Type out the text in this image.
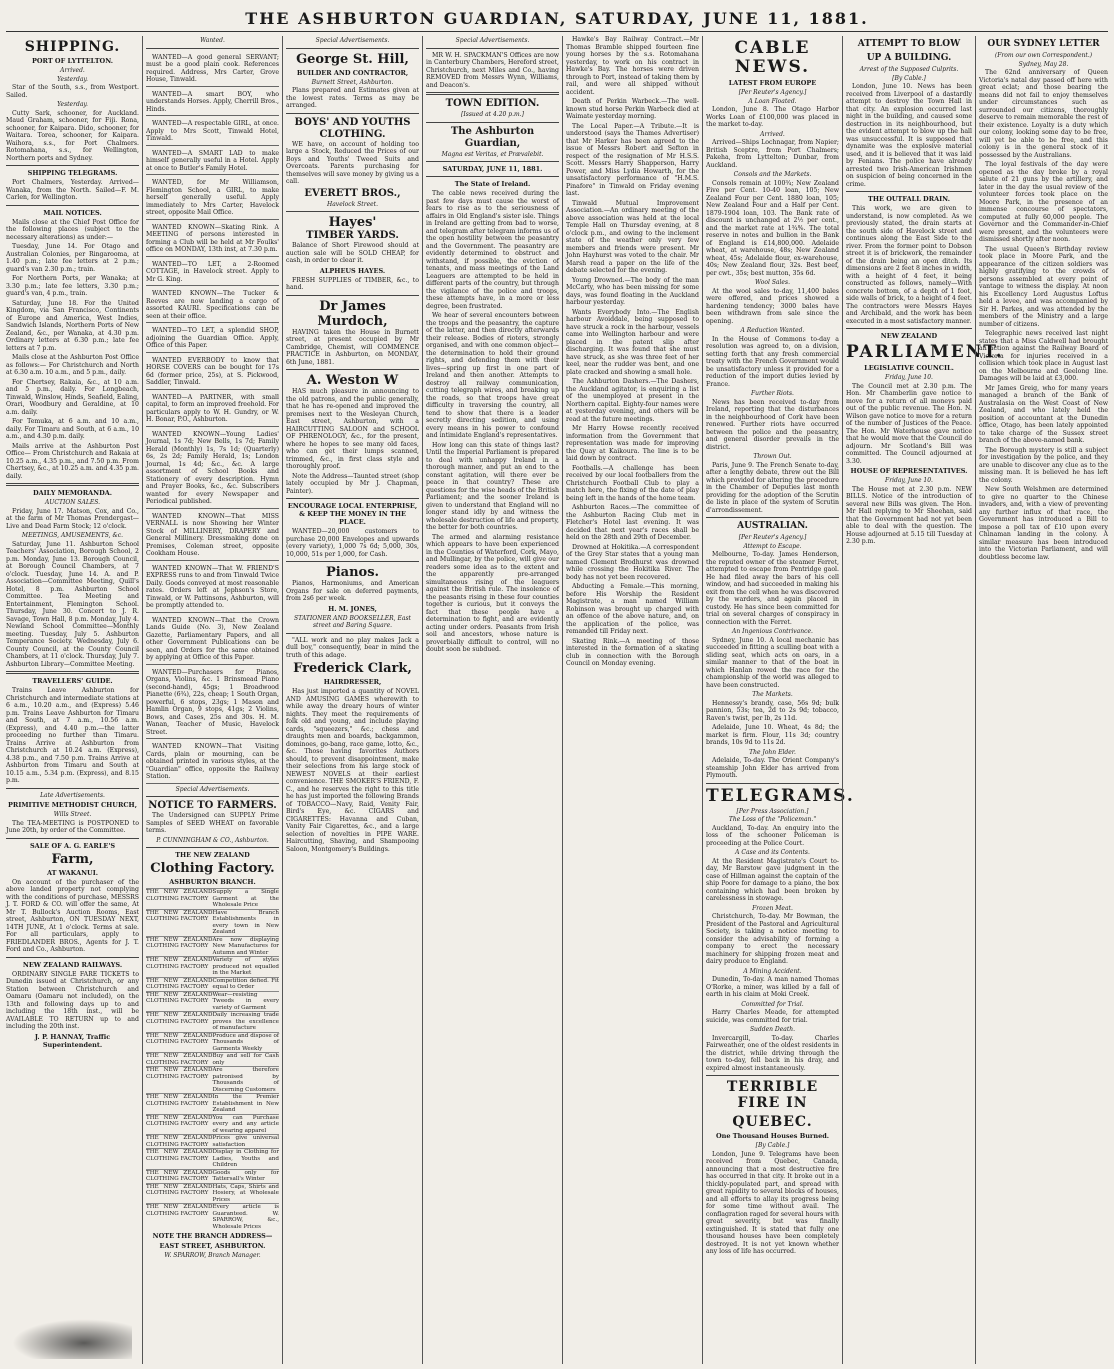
THE ASHBURTON GUARDIAN, SATURDAY, JUNE 11, 1881.
SHIPPING.
PORT OF LYTTELTON.
Arrived.
Yesterday.

Star of the South, s.s., from Westport. Sailed.

Yesterday.

Cutty Sark, schooner, for Auckland. Maud Graham, schooner, for Fiji. Rona, schooner, for Kaipara. Dido, schooner, for Waitara. Torea, schooner, for Kaipara. Waihora, s.s., for Port Chalmers. Rotomahana, s.s., for Wellington, Northern ports and Sydney.

SHIPPING TELEGRAMS.

Port Chalmers, Yesterday. Arrived—Wanaka, from the North. Sailed—F. M. Carlen, for Wellington.

MAIL NOTICES.

Mails close at the Chief Post Office for the following places (subject to the necessary alterations) as under:—

Tuesday, June 14. For Otago and Australian Colonies, per Ringarooma, at 1.40 p.m.; late fee letters at 2 p.m.; guard's van 2.30 p.m.; train.

For Northern Ports, per Wanaka; at 3.30 p.m.; late fee letters, 3.30 p.m.; guard's van, 4 p.m., train.

Saturday, June 18. For the United Kingdom, via San Francisco, Continents of Europe and America, West Indies, Sandwich Islands, Northern Ports of New Zealand, &c., per Wanaka, at 4.30 p.m. Ordinary letters at 6.30 p.m.; late fee letters at 7 p.m.

Mails close at the Ashburton Post Office as follows:— For Christchurch and North at 6.30 a.m. 10 a.m., and 5 p.m., daily.

For Chertsey, Rakaia, &c., at 10 a.m. and 5 p.m., daily. For Longbeach, Tinwald, Winslow, Hinds, Seafield, Ealing, Orari, Woodbury and Geraldine, at 10 a.m. daily.

For Temuka, at 6 a.m. and 10 a.m., daily. For Timaru and South, at 6 a.m., 10 a.m., and 4.30 p.m. daily.

Mails arrive at the Ashburton Post Office— From Christchurch and Rakaia at 10.25 a.m., 4.35 p.m., and 7.50 p.m. From Chertsey, &c., at 10.25 a.m. and 4.35 p.m. daily.

DAILY MEMORANDA.
AUCTION SALES.

Friday, June 17. Matson, Cox, and Co., at the farm of Mr Thomas Prendergast—Live and Dead Farm Stock; 12 o'clock.

MEETINGS, AMUSEMENTS, &c.

Saturday, June 11. Ashburton School Teachers' Association, Borough School, 2 p.m. Monday, June 13. Borough Council, at Borough Council Chambers, at 7 o'clock. Tuesday, June 14. A. and P. Association—Committee Meeting, Quill's Hotel, 8 p.m. Ashburton School Committee. Tea Meeting and Entertainment, Flemington School. Thursday, June 30. Concert to J. R. Savage, Town Hall, 8 p.m. Monday, July 4. Newland School Committee—Monthly meeting. Tuesday, July 5. Ashburton Temperance Society. Wednesday, July 6. County Council, at the County Council Chambers, at 11 o'clock. Thursday, July 7. Ashburton Library—Committee Meeting.

TRAVELLERS' GUIDE.

Trains Leave Ashburton for Christchurch and intermediate stations at 6 a.m., 10.20 a.m., and (Express) 5.46 p.m. Trains Leave Ashburton for Timaru and South, at 7 a.m., 10.56 a.m. (Express), and 4.40 p.m.—the latter proceeding no further than Timaru. Trains Arrive at Ashburton from Christchurch at 10.24 a.m. (Express), 4.38 p.m., and 7.50 p.m. Trains Arrive at Ashburton from Timaru and South at 10.15 a.m., 5.34 p.m. (Express), and 8.15 p.m.

Late Advertisements.
PRIMITIVE METHODIST CHURCH,
Wills Street.

The TEA-MEETING is POSTPONED to June 20th, by order of the Committee.

SALE OF A. G. EARLE'S
Farm,
AT WAKANUI.

On account of the purchaser of the above landed property not complying with the conditions of purchase, MESSRS J. T. FORD & CO. will offer the same, At Mr T. Bullock's Auction Rooms, East street, Ashburton, ON TUESDAY NEXT, 14TH JUNE, At 1 o'clock. Terms at sale. For all particulars, apply to FRIEDLANDER BROS., Agents for J. T. Ford and Co., Ashburton.

NEW ZEALAND RAILWAYS.

ORDINARY SINGLE FARE TICKETS to Dunedin issued at Christchurch, or any Station between Christchurch and Oamaru (Oamaru not included), on the 13th and following days up to and including the 18th inst., will be AVAILABLE TO RETURN up to and including the 20th inst.

J. P. HANNAY, Traffic Superintendent.
Wanted.

WANTED—A good general SERVANT; must be a good plain cook. References required. Address, Mrs Carter, Grove House, Tinwald.

WANTED—A smart BOY, who understands Horses. Apply, Cherrill Bros., Hinds.

WANTED—A respectable GIRL, at once. Apply to Mrs Scott, Tinwald Hotel, Tinwald.

WANTED—A SMART LAD to make himself generally useful in a Hotel. Apply at once to Butler's Family Hotel.

WANTED, for Mr Williamson, Flemington School, a GIRL, to make herself generally useful. Apply immediately to Mrs Carter, Havelock street, opposite Mail Office.

WANTED KNOWN—Skating Rink. A MEETING of persons interested in forming a Club will be held at Mr Foulks' office on MONDAY, 13th inst, at 7.30 p.m.

WANTED—TO LET, a 2-Roomed COTTAGE, in Havelock street. Apply to Mr G. King.

WANTED KNOWN—The Tucker & Reeves are now landing a cargo of assorted KAURI. Specifications can be seen at their office.

WANTED—TO LET, a splendid SHOP, adjoining the Guardian Office. Apply, Office of this Paper.

WANTED EVERBODY to know that HORSE COVERS can be bought for 17s 6d (former price, 25s), at S. Pickwood, Saddler, Tinwald.

WANTED—A PARTNER, with small capital, to form an improved freehold. For particulars apply to W. H. Gundry, or W. H. Bonar, P.O., Ashburton.

WANTED KNOWN—Young Ladies' Journal, 1s 7d; New Bells, 1s 7d; Family Herald (Monthly) 1s, 7s 1d; (Quarterly) 6s, 2s 2d; Family Herald, 1s; London Journal, 1s 4d; &c., &c. A large assortment of School Books and Stationery of every description. Hymn and Prayer Books, &c., &c. Subscribers wanted for every Newspaper and Periodical published.

WANTED KNOWN—That MISS VERNALL is now Showing her Winter Stock of MILLINERY, DRAPERY and General Millinery. Dressmaking done on Premises, Coleman street, opposite Cookham House.

WANTED KNOWN—That W. FRIEND'S EXPRESS runs to and from Tinwald Twice Daily. Goods conveyed at most reasonable rates. Orders left at Jephson's Store, Tinwald, or W. Pattinsons, Ashburton, will be promptly attended to.

WANTED KNOWN—That the Crown Lands Guide (No. 3), New Zealand Gazette, Parliamentary Papers, and all other Government Publications can be seen, and Orders for the same obtained by applying at Office of this Paper.

WANTED—Purchasers for Pianos, Organs, Violins, &c. 1 Brinsmead Piano (second-hand), 45gs; 1 Broadwood Pianette (6¾), 22s, cheap; 1 South Organ, powerful, 6 stops, 23gs; 1 Mason and Hamlin Organ, 9 stops, 41gs; 2 Violins, Bows, and Cases, 25s and 30s. H. M. Wanan, Teacher of Music, Havelock Street.

WANTED KNOWN—That Visiting Cards, plain or mourning, can be obtained printed in various styles, at the "Guardian" office, opposite the Railway Station.

Special Advertisements.
NOTICE TO FARMERS.

The Undersigned can SUPPLY Prime Samples of SEED WHEAT on favorable terms.

P. CUNNINGHAM & CO., Ashburton.
THE NEW ZEALAND
Clothing Factory.
ASHBURTON BRANCH.
THE NEW ZEALAND CLOTHING FACTORY
Supply a Single Garment at the Wholesale Price
THE NEW ZEALAND CLOTHING FACTORY
Have Branch Establishments in every town in New Zealand
THE NEW ZEALAND CLOTHING FACTORY
Are now displaying New Manufactures for Autumn and Winter
THE NEW ZEALAND CLOTHING FACTORY
Variety of styles produced not equalled in the Market
THE NEW ZEALAND CLOTHING FACTORY
Competition defied. Fit equal to Order
THE NEW ZEALAND CLOTHING FACTORY
Wear—resisting Tweeds in every variety of Garment
THE NEW ZEALAND CLOTHING FACTORY
Daily increasing trade proves the excellence of manufacture
THE NEW ZEALAND CLOTHING FACTORY
Produce and dispose of Thousands of Garments Weekly
THE NEW ZEALAND CLOTHING FACTORY
Buy and sell for Cash only
THE NEW ZEALAND CLOTHING FACTORY
Are therefore patronised by Thousands of Discerning Customers
THE NEW ZEALAND CLOTHING FACTORY
In the Premier Establishment in New Zealand
THE NEW ZEALAND CLOTHING FACTORY
You can Purchase every and any article of wearing apparel
THE NEW ZEALAND CLOTHING FACTORY
Prices give universal satisfaction
THE NEW ZEALAND CLOTHING FACTORY
Display in Clothing for Ladies, Youths and Children
THE NEW ZEALAND CLOTHING FACTORY
Goods only for Tattersall's Winter
THE NEW ZEALAND CLOTHING FACTORY
Hats, Caps, Shirts and Hosiery, at Wholesale Prices
THE NEW ZEALAND CLOTHING FACTORY
Every article is Guaranteed. W. SPARROW, &c., Wholesale Prices
NOTE THE BRANCH ADDRESS—
EAST STREET, ASHBURTON.
W. SPARROW, Branch Manager.
Special Advertisements.
George St. Hill,
BUILDER AND CONTRACTOR,
Burnett Street, Ashburton.

Plans prepared and Estimates given at the lowest rates. Terms as may be arranged.

BOYS' AND YOUTHS CLOTHING.

WE have, on account of holding too large a Stock, Reduced the Prices of our Boys and Youths' Tweed Suits and Overcoats. Parents purchasing for themselves will save money by giving us a call.

EVERETT BROS.,
Havelock Street.
Hayes'
TIMBER YARDS.

Balance of Short Firewood should at auction sale will be SOLD CHEAP, for cash, in order to clear it.

ALPHEUS HAYES.

FRESH SUPPLIES of TIMBER, &c., to hand.

Dr James Murdoch,

HAVING taken the House in Burnett street, at present occupied by Mr Cambridge, Chemist, will COMMENCE PRACTICE in Ashburton, on MONDAY, 6th June, 1881.

A. Weston W

HAS much pleasure in announcing to the old patrons, and the public generally, that he has re-opened and improved the premises next to the Wesleyan Church, East street, Ashburton, with a HAIRCUTTING SALOON and SCHOOL OF PHRENOLOGY, &c., for the present, where he hopes to see many old faces, who can get their lumps scanned, trimmed, &c., in first class style and thoroughly proof.

Note the Address—Taunted street (shop lately occupied by Mr J. Chapman, Painter).

ENCOURAGE LOCAL ENTERPRISE, & KEEP THE MONEY IN THE PLACE.

WANTED—20,000 customers to purchase 20,000 Envelopes and upwards (every variety), 1,000 7s 6d; 5,000, 30s, 10,000, 51s per 1,000, for Cash.

Pianos.

Pianos, Harmoniums, and American Organs for sale on deferred payments, from 2s6 per week.

H. M. JONES,
STATIONER AND BOOKSELLER, East street and Baring Square.

"ALL work and no play makes Jack a dull boy," consequently, bear in mind the truth of this adage.

Frederick Clark,
HAIRDRESSER,

Has just imported a quantity of NOVEL AND AMUSING GAMES wherewith to while away the dreary hours of winter nights. They meet the requirements of folk old and young, and include playing cards, "squeezers," &c.; chess and draughts men and boards, backgammon, dominoes, go-bang, race game, lotto, &c., &c. Those having favorites Authors should, to prevent disappointment, make their selections from his large stock of NEWEST NOVELS at their earliest convenience. THE SMOKER'S FRIEND, F. C., and he reserves the right to this title he has just imported the following Brands of TOBACCO—Navy, Raid, Venity Fair, Bird's Eye, &c. CIGARS and CIGARETTES: Havanna and Cuban, Vanity Fair Cigarettes, &c., and a large selection of novelties in PIPE WARE. Haircutting, Shaving, and Shampooing Saloon, Montgomery's Buildings.

Special Advertisements.

MR W. H. SPACKMAN'S Offices are now in Canterbury Chambers, Hereford street, Christchurch, next Miles and Co., having REMOVED from Messrs Wynn, Williams, and Deacon's.

TOWN EDITION.
[Issued at 4.20 p.m.]
The Ashburton Guardian,
Magna est Veritas, et Prævalebit.
SATURDAY, JUNE 11, 1881.
The State of Ireland.

The cable news received during the past few days must cause the worst of fears to rise as to the seriousness of affairs in Old England's sister isle. Things in Ireland are getting from bad to worse, and telegram after telegram informs us of the open hostility between the peasantry and the Government. The peasantry are evidently determined to obstruct and withstand, if possible, the eviction of tenants, and mass meetings of the Land Leaguers are attempted to be held in different parts of the country, but through the vigilance of the police and troops, these attempts have, in a more or less degree, been frustrated.

We hear of several encounters between the troops and the peasantry, the capture of the latter, and then directly afterwards their release. Bodies of rioters, strongly organised, and with one common object—the determination to hold their ground rights, and defending them with their lives—spring up first in one part of Ireland and then another. Attempts to destroy all railway communication, cutting telegraph wires, and breaking up the roads, so that troops have great difficulty in traversing the country, all tend to show that there is a leader secretly directing sedition, and using every means in his power to confound and intimidate England's representatives.

How long can this state of things last? Until the Imperial Parliament is prepared to deal with unhappy Ireland in a thorough manner, and put an end to the constant agitation, will there ever be peace in that country? These are questions for the wise heads of the British Parliament; and the sooner Ireland is given to understand that England will no longer stand idly by and witness the wholesale destruction of life and property, the better for both countries.

The armed and alarming resistance which appears to have been experienced in the Counties of Waterford, Cork, Mayo, and Mullingar, by the police, will give our readers some idea as to the extent and the apparently pre-arranged simultaneous rising of the leaguers against the British rule. The insolence of the peasants rising in these four counties together is curious, but it conveys the fact that these people have a determination to fight, and are evidently acting under orders. Peasants from Irish soil and ancestors, whose nature is proverbially difficult to control, will no doubt soon be subdued.

Hawke's Bay Railway Contract.—Mr Thomas Bramble shipped fourteen fine young horses by the s.s. Rotomahana yesterday, to work on his contract in Hawke's Bay. The horses were driven through to Port, instead of taking them by rail, and were all shipped without accident.

Death of Perkin Warbeck.—The well-known stud horse Perkin Warbeck died at Waimate yesterday morning.

The Local Paper.—A Tribute.—It is understood (says the Thames Advertiser) that Mr Harker has been agreed to the issue of Messrs Robert and Sefton in respect of the resignation of Mr H.S.S. Scott. Messrs Harry Shapperson, Harry Power, and Miss Lydia Howarth, for the unsatisfactory performance of "H.M.S. Pinafore" in Tinwald on Friday evening last.

Tinwald Mutual Improvement Association.—An ordinary meeting of the above association was held at the local Temple Hall on Thursday evening, at 8 o'clock p.m., and owing to the inclement state of the weather only very few members and friends were present. Mr John Hayhurst was voted to the chair. Mr Marsh read a paper on the life of the debate selected for the evening.

Young Drowned.—The body of the man McCarty, who has been missing for some days, was found floating in the Auckland harbour yesterday.

Wants Everybody Into.—The English harbour Avoiddale, being supposed to have struck a rock in the harbour, vessels came into Wellington harbour and were placed in the patent slip after discharging. It was found that she must have struck, as she was three feet of her keel, near the rudder was bent, and one plate cracked and showing a small hole.

The Ashburton Dashers.—The Dashers, the Auckland agitator, is enquiring a list of the unemployed at present in the Northern capital. Eighty-four names were at yesterday evening, and others will be read at the future meetings.

Mr Harry Howse recently received information from the Government that representation was made for improving the Quay at Kaikoura. The line is to be laid down by contract.

Footballs.—A challenge has been received by our local footballers from the Christchurch Football Club to play a match here, the fixing of the date of play being left in the hands of the home team.

Ashburton Races.—The committee of the Ashburton Racing Club met in Fletcher's Hotel last evening. It was decided that next year's races shall be held on the 28th and 29th of December.

Drowned at Hokitika.—A correspondent of the Grey Star states that a young man named Clement Brodhurst was drowned while crossing the Hokitika River. The body has not yet been recovered.

Abducting a Female.—This morning, before His Worship the Resident Magistrate, a man named William Robinson was brought up charged with an offence of the above nature, and, on the application of the police, was remanded till Friday next.

Skating Rink.—A meeting of those interested in the formation of a skating club in connection with the Borough Council on Monday evening.

CABLE NEWS.
LATEST FROM EUROPE
[Per Reuter's Agency.]
A Loan Floated.

London, June 8. The Otago Harbor Works Loan of £100,000 was placed in the market to-day.

Arrived.

Arrived—Ships Lochnagar, from Napier; British Sceptre, from Port Chalmers; Pakeha, from Lyttelton; Dunbar, from Auckland.

Consols and the Markets.

Consols remain at 100¾; New Zealand Five per Cent. 10-40 loan, 105; New Zealand Four per Cent. 1880 loan, 105; New Zealand Four and a Half per Cent. 1879-1904 loan, 103. The Bank rate of discount is unchanged at 2½ per cent., and the market rate at 1¾%. The total reserve in notes and bullion in the Bank of England is £14,800,000. Adelaide wheat, at warehouse, 48s; New Zealand wheat, 45s; Adelaide flour, ex-warehouse, 40s; New Zealand flour, 32s. Best beef, per cwt., 35s; best mutton, 35s 6d.

Wool Sales.

At the wool sales to-day, 11,400 bales were offered, and prices showed a hardening tendency; 3000 bales have been withdrawn from sale since the opening.

A Reduction Wanted.

In the House of Commons to-day a resolution was agreed to, on a division, setting forth that any fresh commercial treaty with the French Government would be unsatisfactory unless it provided for a reduction of the import duties levied by France.

Further Riots.

News has been received to-day from Ireland, reporting that the disturbances in the neighbourhood of Cork have been renewed. Further riots have occurred between the police and the peasantry, and general disorder prevails in the district.

Thrown Out.

Paris, June 9. The French Senate to-day, after a lengthy debate, threw out the Bill which provided for altering the procedure in the Chamber of Deputies last month providing for the adoption of the Scrutin de liste in place of the system of Scrutin d'arrondissement.

AUSTRALIAN.
[Per Reuter's Agency.]
Attempt to Escape.

Melbourne, To-day. James Henderson, the reputed owner of the steamer Ferret, attempted to escape from Pentridge gaol. He had filed away the bars of his cell window, and had succeeded in making his exit from the cell when he was discovered by the warders, and again placed in custody. He has since been committed for trial on several charges of conspiracy in connection with the Ferret.

An Ingenious Contrivance.

Sydney, June 10. A local mechanic has succeeded in fitting a sculling boat with a sliding seat, which acts on oars, in a similar manner to that of the boat in which Hanlan rowed the race for the championship of the world was alleged to have been constructed.

The Markets.

Hennessy's brandy, case, 56s 9d; bulk pannion, 53s; tea, 2d to 2s 9d; tobacco, Raven's twist, per lb, 2s 11d.

Adelaide, June 10. Wheat, 4s 8d; the market is firm. Flour, 11s 3d; country brands, 10s 9d to 11s 2d.

The John Elder.

Adelaide, To-day. The Orient Company's steamship John Elder has arrived from Plymouth.

TELEGRAMS.
[Per Press Association.]
The Loss of the "Policeman."

Auckland, To-day. An enquiry into the loss of the schooner Policeman is proceeding at the Police Court.

A Case and its Contents.

At the Resident Magistrate's Court to-day, Mr Barstow gave judgment in the case of Hillman against the captain of the ship Poore for damage to a piano, the box containing which had been broken by carelessness in stowage.

Frozen Meat.

Christchurch, To-day. Mr Bowman, the President of the Pastoral and Agricultural Society, is taking a notice meeting to consider the advisability of forming a company to erect the necessary machinery for shipping frozen meat and dairy produce to England.

A Mining Accident.

Dunedin, To-day. A man named Thomas O'Rorke, a miner, was killed by a fall of earth in his claim at Moki Creek.

Committed for Trial.

Harry Charles Meade, for attempted suicide, was committed for trial.

Sudden Death.

Invercargill, To-day. Charles Fairweather, one of the oldest residents in the district, while driving through the town to-day, fell back in his dray, and expired almost instantaneously.

TERRIBLE FIRE IN
QUEBEC.
One Thousand Houses Burned.
[By Cable.]

London, June 9. Telegrams have been received from Quebec, Canada, announcing that a most destructive fire has occurred in that city. It broke out in a thickly-populated part, and spread with great rapidity to several blocks of houses, and all efforts to allay its progress being for some time without avail. The conflagration raged for several hours with great severity, but was finally extinguished. It is stated that fully one thousand houses have been completely destroyed. It is not yet known whether any loss of life has occurred.

ATTEMPT TO BLOW
UP A BUILDING.
Arrest of the Supposed Culprits.
[By Cable.]

London, June 10. News has been received from Liverpool of a dastardly attempt to destroy the Town Hall in that city. An explosion occurred last night in the building, and caused some destruction in its neighbourhood, but the evident attempt to blow up the hall was unsuccessful. It is supposed that dynamite was the explosive material used, and it is believed that it was laid by Fenians. The police have already arrested two Irish-American Irishmen on suspicion of being concerned in the crime.

THE OUTFALL DRAIN.

This work, we are given to understand, is now completed. As we previously stated, the drain starts at the south side of Havelock street and continues along the East Side to the river. From the former point to Dobson street it is of brickwork, the remainder of the drain being an open ditch. Its dimensions are 2 feet 8 inches in width, with a height of 4 feet, it being constructed as follows, namely—With concrete bottom, of a depth of 1 foot, side walls of brick, to a height of 4 feet. The contractors were Messrs Hayes and Archibald, and the work has been executed in a most satisfactory manner.

NEW ZEALAND
PARLIAMENT.
LEGISLATIVE COUNCIL.
Friday, June 10.

The Council met at 2.30 p.m. The Hon. Mr Chamberlin gave notice to move for a return of all moneys paid out of the public revenue. The Hon. N. Wilson gave notice to move for a return of the number of Justices of the Peace. The Hon. Mr Waterhouse gave notice that he would move that the Council do adjourn. Mr Scotland's Bill was committed. The Council adjourned at 3.30.

HOUSE OF REPRESENTATIVES.
Friday, June 10.

The House met at 2.30 p.m. NEW BILLS. Notice of the introduction of several new Bills was given. The Hon. Mr Hall replying to Mr Sheehan, said that the Government had not yet been able to deal with the question. The House adjourned at 5.15 till Tuesday at 2.30 p.m.

OUR SYDNEY LETTER
(From our own Correspondent.)
Sydney, May 28.

The 62nd anniversary of Queen Victoria's natal day passed off here with great eclat; and those bearing the means did not fail to enjoy themselves under circumstances such as surrounded our citizens, thoroughly deserve to remain memorable the rest of their existence. Loyalty is a duty which our colony, looking some day to be free, will yet be able to be free, and this colony is in the general stock of it possessed by the Australians.

The loyal festivals of the day were opened as the day broke by a royal salute of 21 guns by the artillery, and later in the day the usual review of the volunteer forces took place on the Moore Park, in the presence of an immense concourse of spectators, computed at fully 60,000 people. The Governor and the Commander-in-Chief were present, and the volunteers were dismissed shortly after noon.

The usual Queen's Birthday review took place in Moore Park, and the appearance of the citizen soldiers was highly gratifying to the crowds of persons assembled at every point of vantage to witness the display. At noon his Excellency Lord Augustus Loftus held a levee, and was accompanied by Sir H. Parkes, and was attended by the members of the Ministry and a large number of citizens.

Telegraphic news received last night states that a Miss Caldwell had brought an action against the Railway Board of Victoria for injuries received in a collision which took place in August last on the Melbourne and Geelong line. Damages will be laid at £3,000.

Mr James Greig, who for many years managed a branch of the Bank of Australasia on the West Coast of New Zealand, and who lately held the position of accountant at the Dunedin office, Otago, has been lately appointed to take charge of the Sussex street branch of the above-named bank.

The Borough mystery is still a subject for investigation by the police, and they are unable to discover any clue as to the missing man. It is believed he has left the colony.

New South Welshmen are determined to give no quarter to the Chinese invaders, and, with a view of preventing any further influx of that race, the Government has introduced a Bill to impose a poll tax of £10 upon every Chinaman landing in the colony. A similar measure has been introduced into the Victorian Parliament, and will doubtless become law.
